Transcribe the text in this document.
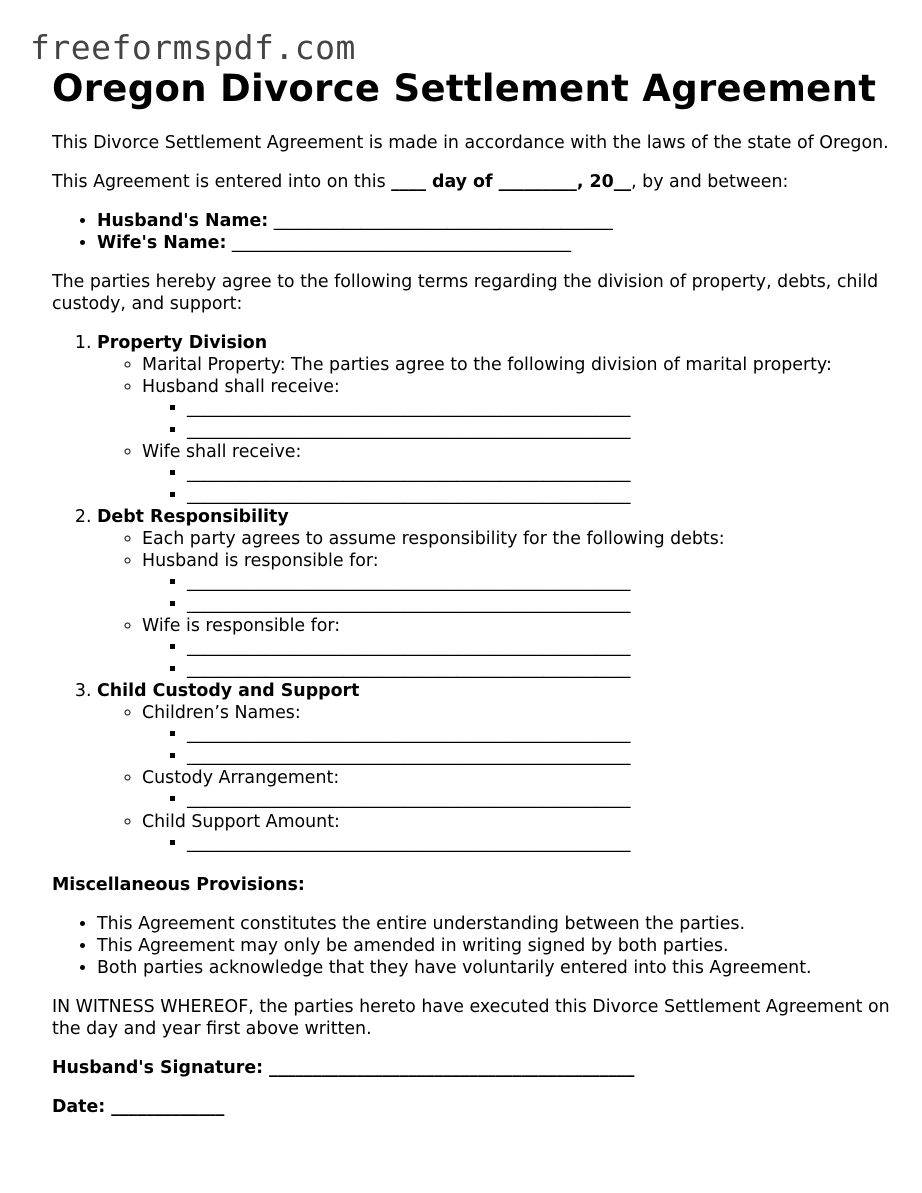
freeformspdf.com
Oregon Divorce Settlement Agreement

This Divorce Settlement Agreement is made in accordance with the laws of the state of Oregon.

This Agreement is entered into on this ____ day of _________, 20__, by and between:

• Husband's Name: _______________________________________
• Wife's Name: _______________________________________

The parties hereby agree to the following terms regarding the division of property, debts, child custody, and support:

1. Property Division
◦ Marital Property: The parties agree to the following division of marital property:
◦ Husband shall receive:
▪ ___________________________________________________
▪ ___________________________________________________
◦ Wife shall receive:
▪ ___________________________________________________
▪ ___________________________________________________
2. Debt Responsibility
◦ Each party agrees to assume responsibility for the following debts:
◦ Husband is responsible for:
▪ ___________________________________________________
▪ ___________________________________________________
◦ Wife is responsible for:
▪ ___________________________________________________
▪ ___________________________________________________
3. Child Custody and Support
◦ Children’s Names:
▪ ___________________________________________________
▪ ___________________________________________________
◦ Custody Arrangement:
▪ ___________________________________________________
◦ Child Support Amount:
▪ ___________________________________________________

Miscellaneous Provisions:

• This Agreement constitutes the entire understanding between the parties.
• This Agreement may only be amended in writing signed by both parties.
• Both parties acknowledge that they have voluntarily entered into this Agreement.

IN WITNESS WHEREOF, the parties hereto have executed this Divorce Settlement Agreement on the day and year first above written.

Husband's Signature: __________________________________________

Date: _____________
